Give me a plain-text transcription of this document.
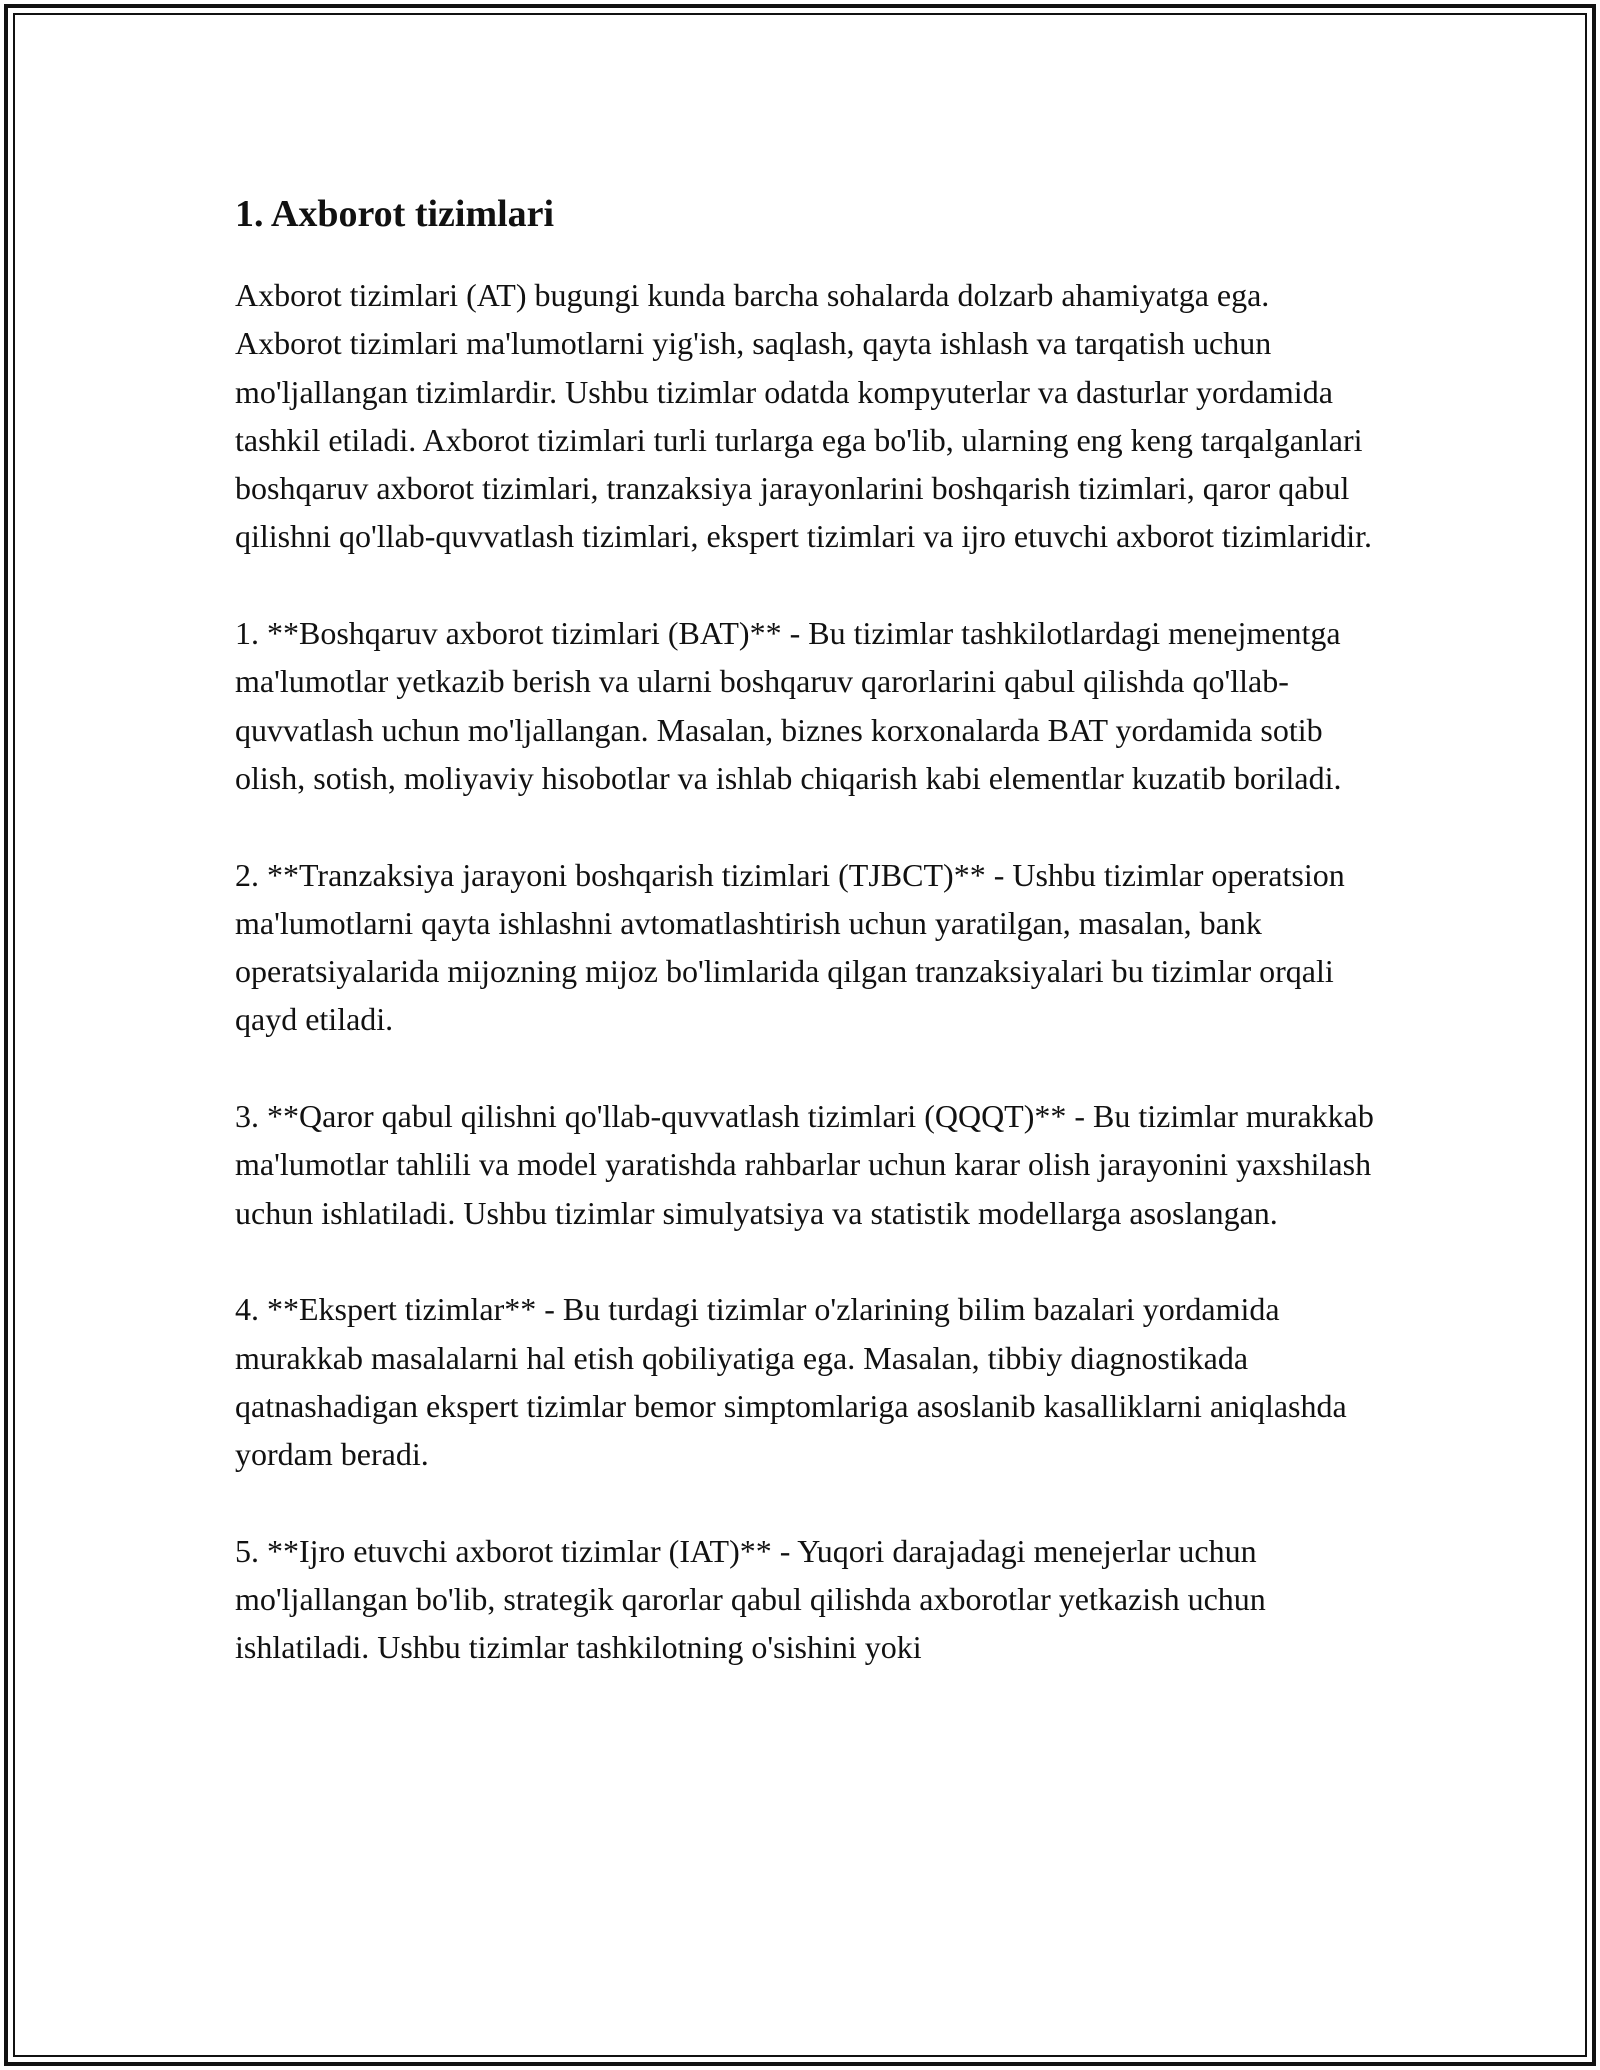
1. Axborot tizimlari

Axborot tizimlari (AT) bugungi kunda barcha sohalarda dolzarb ahamiyatga ega. Axborot tizimlari ma'lumotlarni yig'ish, saqlash, qayta ishlash va tarqatish uchun mo'ljallangan tizimlardir. Ushbu tizimlar odatda kompyuterlar va dasturlar yordamida tashkil etiladi. Axborot tizimlari turli turlarga ega bo'lib, ularning eng keng tarqalganlari boshqaruv axborot tizimlari, tranzaksiya jarayonlarini boshqarish tizimlari, qaror qabul qilishni qo'llab-quvvatlash tizimlari, ekspert tizimlari va ijro etuvchi axborot tizimlaridir.

1. **Boshqaruv axborot tizimlari (BAT)** - Bu tizimlar tashkilotlardagi menejmentga ma'lumotlar yetkazib berish va ularni boshqaruv qarorlarini qabul qilishda qo'llab-quvvatlash uchun mo'ljallangan. Masalan, biznes korxonalarda BAT yordamida sotib olish, sotish, moliyaviy hisobotlar va ishlab chiqarish kabi elementlar kuzatib boriladi.

2. **Tranzaksiya jarayoni boshqarish tizimlari (TJBCT)** - Ushbu tizimlar operatsion ma'lumotlarni qayta ishlashni avtomatlashtirish uchun yaratilgan, masalan, bank operatsiyalarida mijozning mijoz bo'limlarida qilgan tranzaksiyalari bu tizimlar orqali qayd etiladi.

3. **Qaror qabul qilishni qo'llab-quvvatlash tizimlari (QQQT)** - Bu tizimlar murakkab ma'lumotlar tahlili va model yaratishda rahbarlar uchun karar olish jarayonini yaxshilash uchun ishlatiladi. Ushbu tizimlar simulyatsiya va statistik modellarga asoslangan.

4. **Ekspert tizimlar** - Bu turdagi tizimlar o'zlarining bilim bazalari yordamida murakkab masalalarni hal etish qobiliyatiga ega. Masalan, tibbiy diagnostikada qatnashadigan ekspert tizimlar bemor simptomlariga asoslanib kasalliklarni aniqlashda yordam beradi.

5. **Ijro etuvchi axborot tizimlar (IAT)** - Yuqori darajadagi menejerlar uchun mo'ljallangan bo'lib, strategik qarorlar qabul qilishda axborotlar yetkazish uchun ishlatiladi. Ushbu tizimlar tashkilotning o'sishini yoki
